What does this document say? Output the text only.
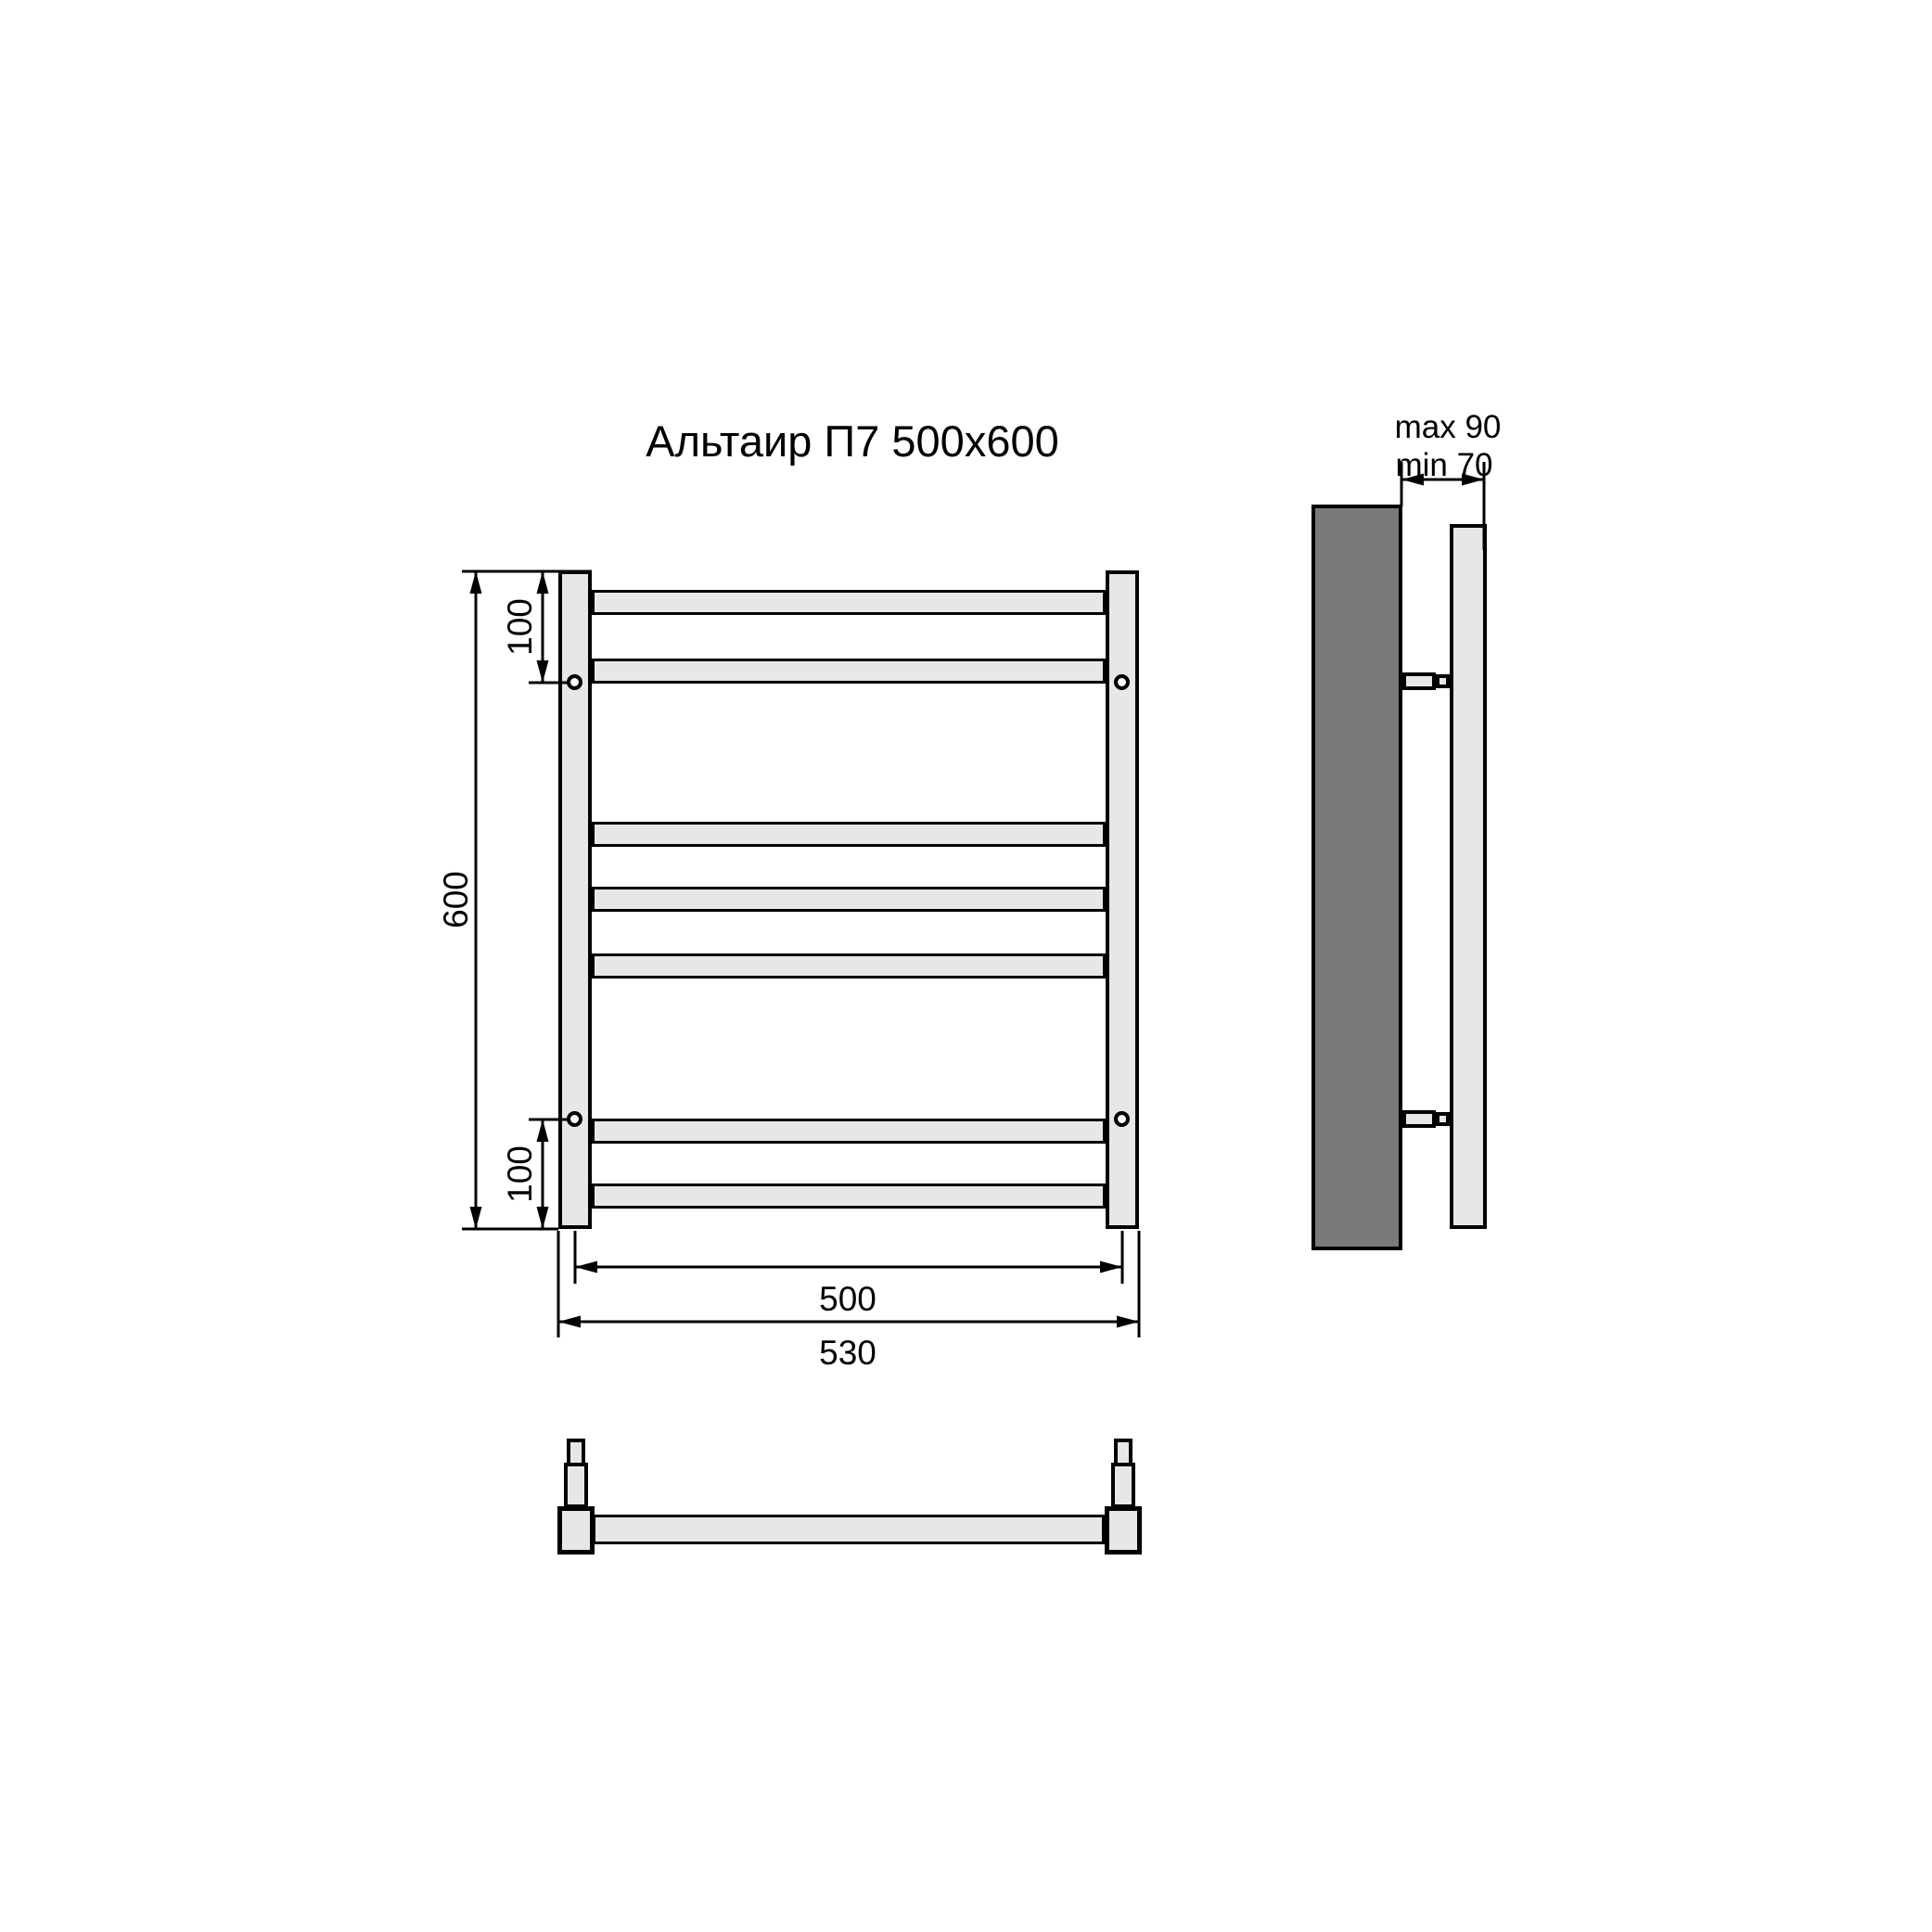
Альтаир П7 500x600
600
100
100
500
530
max 90
min 70
